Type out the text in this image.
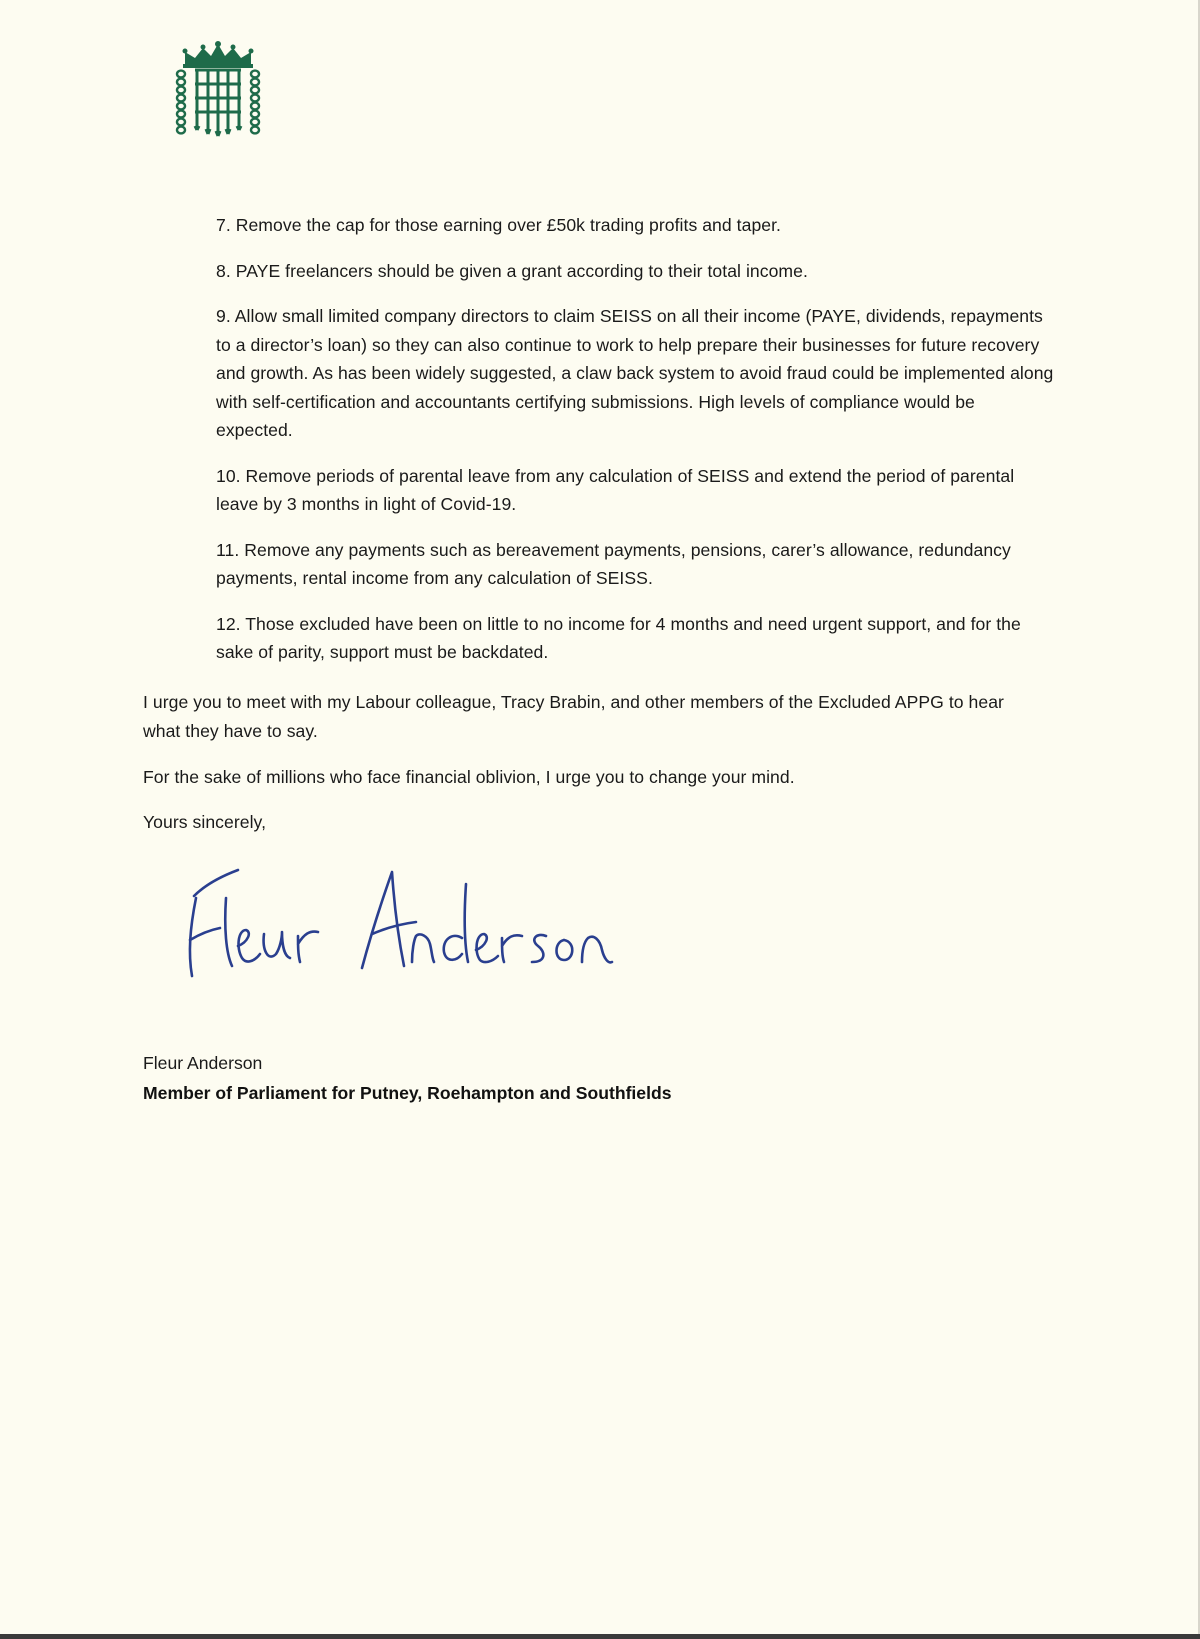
7. Remove the cap for those earning over £50k trading profits and taper.
8. PAYE freelancers should be given a grant according to their total income.
9. Allow small limited company directors to claim SEISS on all their income (PAYE, dividends, repayments to a director’s loan) so they can also continue to work to help prepare their businesses for future recovery and growth. As has been widely suggested, a claw back system to avoid fraud could be implemented along with self-certification and accountants certifying submissions. High levels of compliance would be expected.
10. Remove periods of parental leave from any calculation of SEISS and extend the period of parental leave by 3 months in light of Covid-19.
11. Remove any payments such as bereavement payments, pensions, carer’s allowance, redundancy payments, rental income from any calculation of SEISS.
12. Those excluded have been on little to no income for 4 months and need urgent support, and for the sake of parity, support must be backdated.

I urge you to meet with my Labour colleague, Tracy Brabin, and other members of the Excluded APPG to hear what they have to say.

For the sake of millions who face financial oblivion, I urge you to change your mind.

Yours sincerely,

Fleur Anderson

Member of Parliament for Putney, Roehampton and Southfields
